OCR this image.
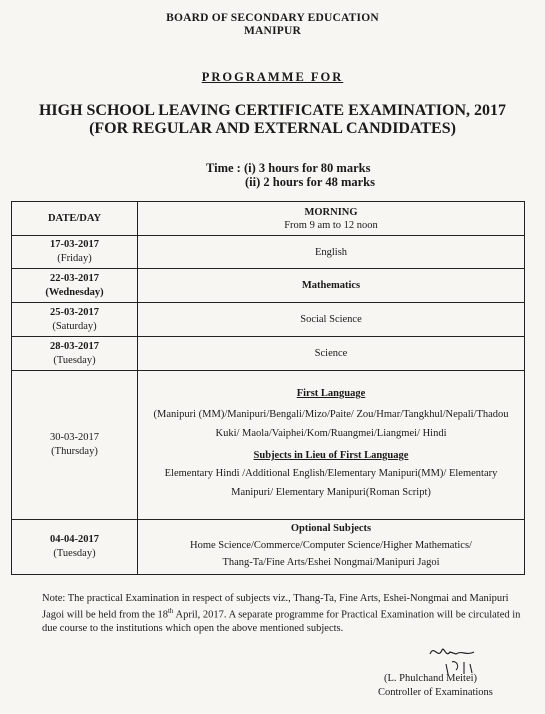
BOARD OF SECONDARY EDUCATION
MANIPUR
PROGRAMME FOR
HIGH SCHOOL LEAVING CERTIFICATE EXAMINATION, 2017
(FOR REGULAR AND EXTERNAL CANDIDATES)
Time : (i) 3 hours for 80 marks
(ii) 2 hours for 48 marks
DATE/DAY	MORNING
From 9 am to 12 noon

17-03-2017
(Friday)	English

22-03-2017
(Wednesday)	Mathematics

25-03-2017
(Saturday)	Social Science

28-03-2017
(Tuesday)	Science

30-03-2017
(Thursday)	First Language
(Manipuri (MM)/Manipuri/Bengali/Mizo/Paite/ Zou/Hmar/Tangkhul/Nepali/Thadou Kuki/ Maola/Vaiphei/Kom/Ruangmei/Liangmei/ Hindi
Subjects in Lieu of First Language
Elementary Hindi /Additional English/Elementary Manipuri(MM)/ Elementary Manipuri/ Elementary Manipuri(Roman Script)

04-04-2017
(Tuesday)	Optional Subjects
Home Science/Commerce/Computer Science/Higher Mathematics/
Thang-Ta/Fine Arts/Eshei Nongmai/Manipuri Jagoi
Note: The practical Examination in respect of subjects viz., Thang-Ta, Fine Arts, Eshei-Nongmai and Manipuri Jagoi will be held from the 18th April, 2017. A separate programme for Practical Examination will be circulated in due course to the institutions which open the above mentioned subjects.
(L. Phulchand Meitei)
Controller of Examinations
